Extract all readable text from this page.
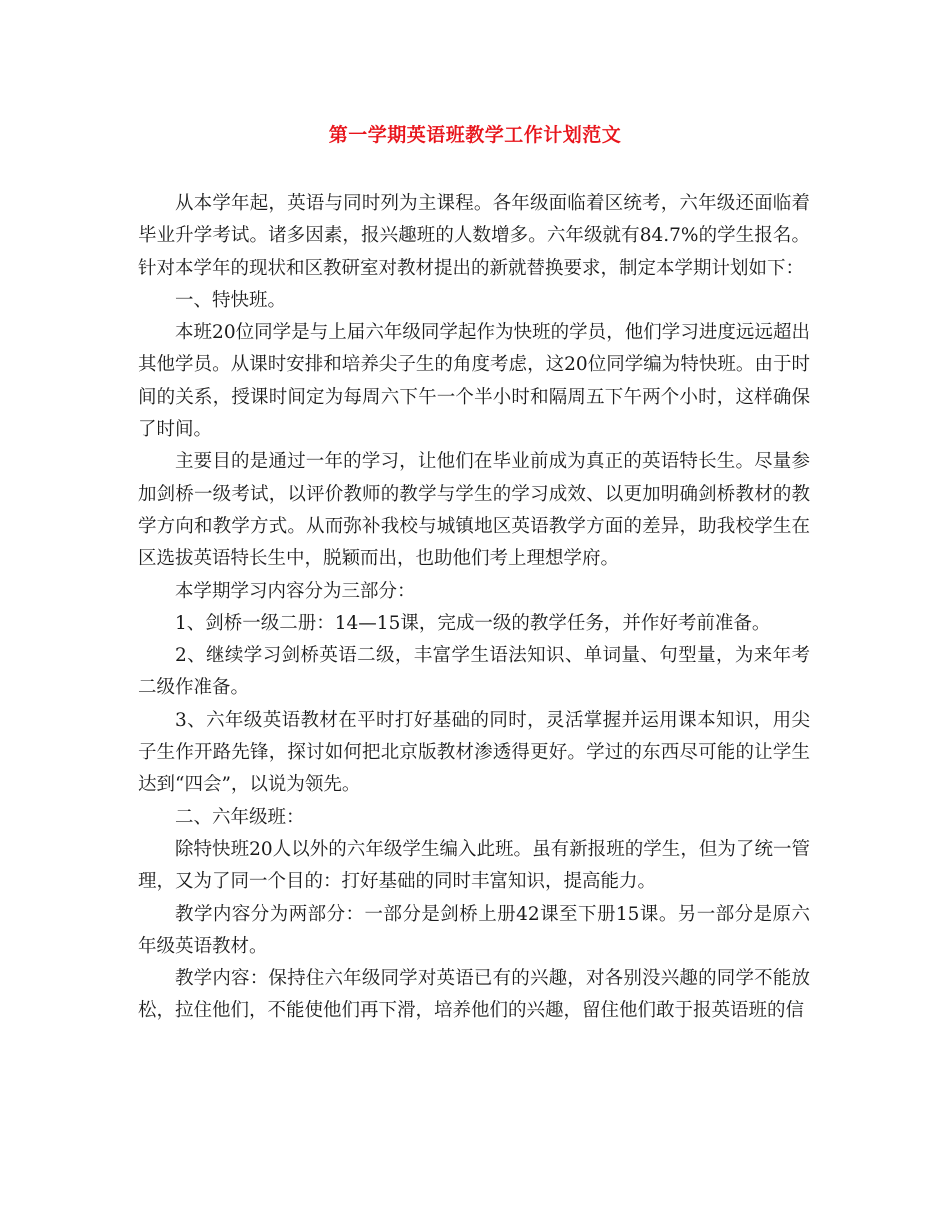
第一学期英语班教学工作计划范文

从本学年起，英语与同时列为主课程。各年级面临着区统考，六年级还面临着毕业升学考试。诸多因素，报兴趣班的人数增多。六年级就有84.7%的学生报名。针对本学年的现状和区教研室对教材提出的新就替换要求，制定本学期计划如下：

一、特快班。

本班20位同学是与上届六年级同学起作为快班的学员，他们学习进度远远超出其他学员。从课时安排和培养尖子生的角度考虑，这20位同学编为特快班。由于时间的关系，授课时间定为每周六下午一个半小时和隔周五下午两个小时，这样确保了时间。

主要目的是通过一年的学习，让他们在毕业前成为真正的英语特长生。尽量参加剑桥一级考试，以评价教师的教学与学生的学习成效、以更加明确剑桥教材的教学方向和教学方式。从而弥补我校与城镇地区英语教学方面的差异，助我校学生在区选拔英语特长生中，脱颖而出，也助他们考上理想学府。

本学期学习内容分为三部分：

1、剑桥一级二册：14—15课，完成一级的教学任务，并作好考前准备。

2、继续学习剑桥英语二级，丰富学生语法知识、单词量、句型量，为来年考二级作准备。

3、六年级英语教材在平时打好基础的同时，灵活掌握并运用课本知识，用尖子生作开路先锋，探讨如何把北京版教材渗透得更好。学过的东西尽可能的让学生达到“四会”，以说为领先。

二、六年级班：

除特快班20人以外的六年级学生编入此班。虽有新报班的学生，但为了统一管理，又为了同一个目的：打好基础的同时丰富知识，提高能力。

教学内容分为两部分：一部分是剑桥上册42课至下册15课。另一部分是原六年级英语教材。

教学内容：保持住六年级同学对英语已有的兴趣，对各别没兴趣的同学不能放松，拉住他们，不能使他们再下滑，培养他们的兴趣，留住他们敢于报英语班的信
